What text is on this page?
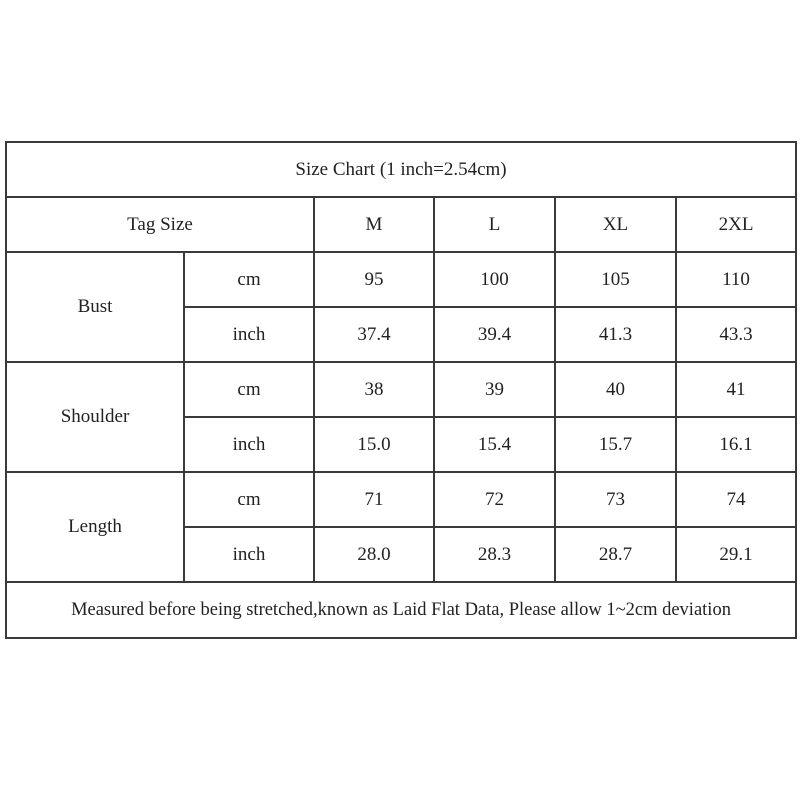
Size Chart (1 inch=2.54cm)					
Tag Size		M	L	XL	2XL
Bust	cm	95	100	105	110
	inch	37.4	39.4	41.3	43.3
Shoulder	cm	38	39	40	41
	inch	15.0	15.4	15.7	16.1
Length	cm	71	72	73	74
	inch	28.0	28.3	28.7	29.1
Measured before being stretched,known as Laid Flat Data, Please allow 1~2cm deviation					
